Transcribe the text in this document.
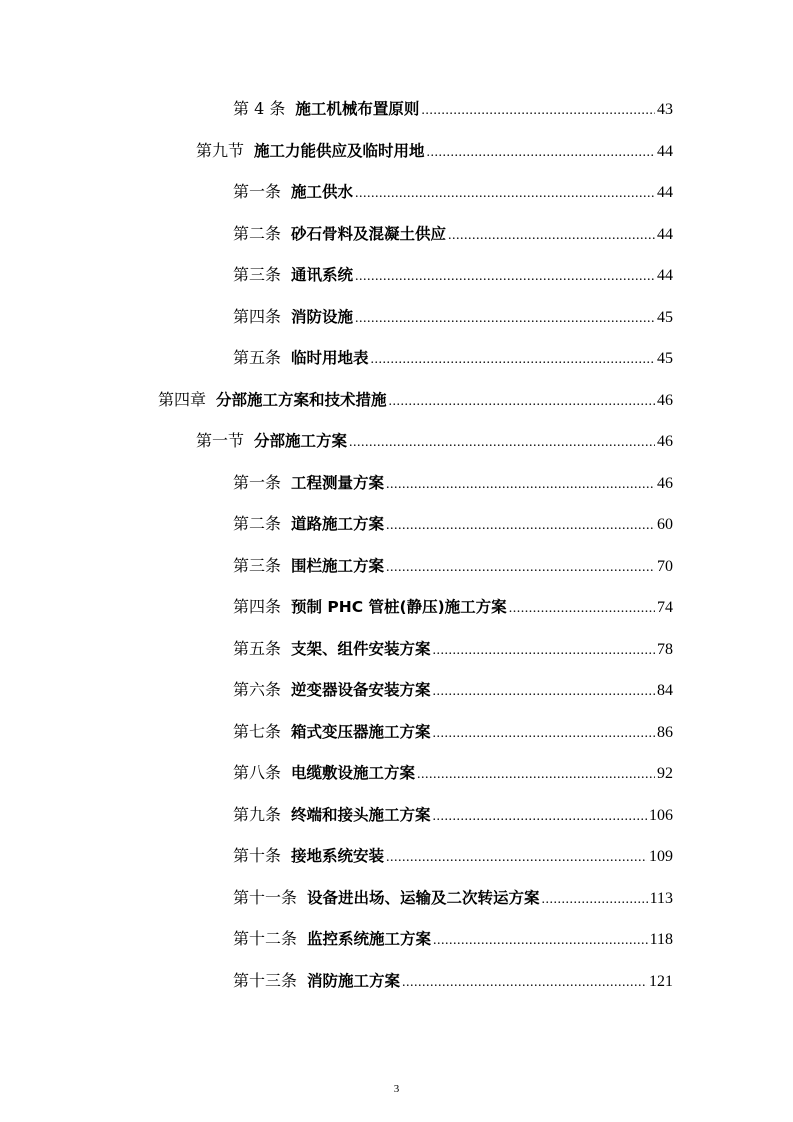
第 4 条 施工机械布置原则 .....	43
第九节 施工力能供应及临时用地 .....	44
第一条 施工供水 .....	44
第二条 砂石骨料及混凝土供应 .....	44
第三条 通讯系统 .....	44
第四条 消防设施 .....	45
第五条 临时用地表 .....	45
第四章 分部施工方案和技术措施 .....	46
第一节 分部施工方案 .....	46
第一条 工程测量方案 .....	46
第二条 道路施工方案 .....	60
第三条 围栏施工方案 .....	70
第四条 预制 PHC 管桩(静压)施工方案 .....	74
第五条 支架、组件安装方案 .....	78
第六条 逆变器设备安装方案 .....	84
第七条 箱式变压器施工方案 .....	86
第八条 电缆敷设施工方案 .....	92
第九条 终端和接头施工方案 .....	106
第十条 接地系统安装 .....	109
第十一条 设备进出场、运输及二次转运方案 .....	113
第十二条 监控系统施工方案 .....	118
第十三条 消防施工方案 .....	121
3
